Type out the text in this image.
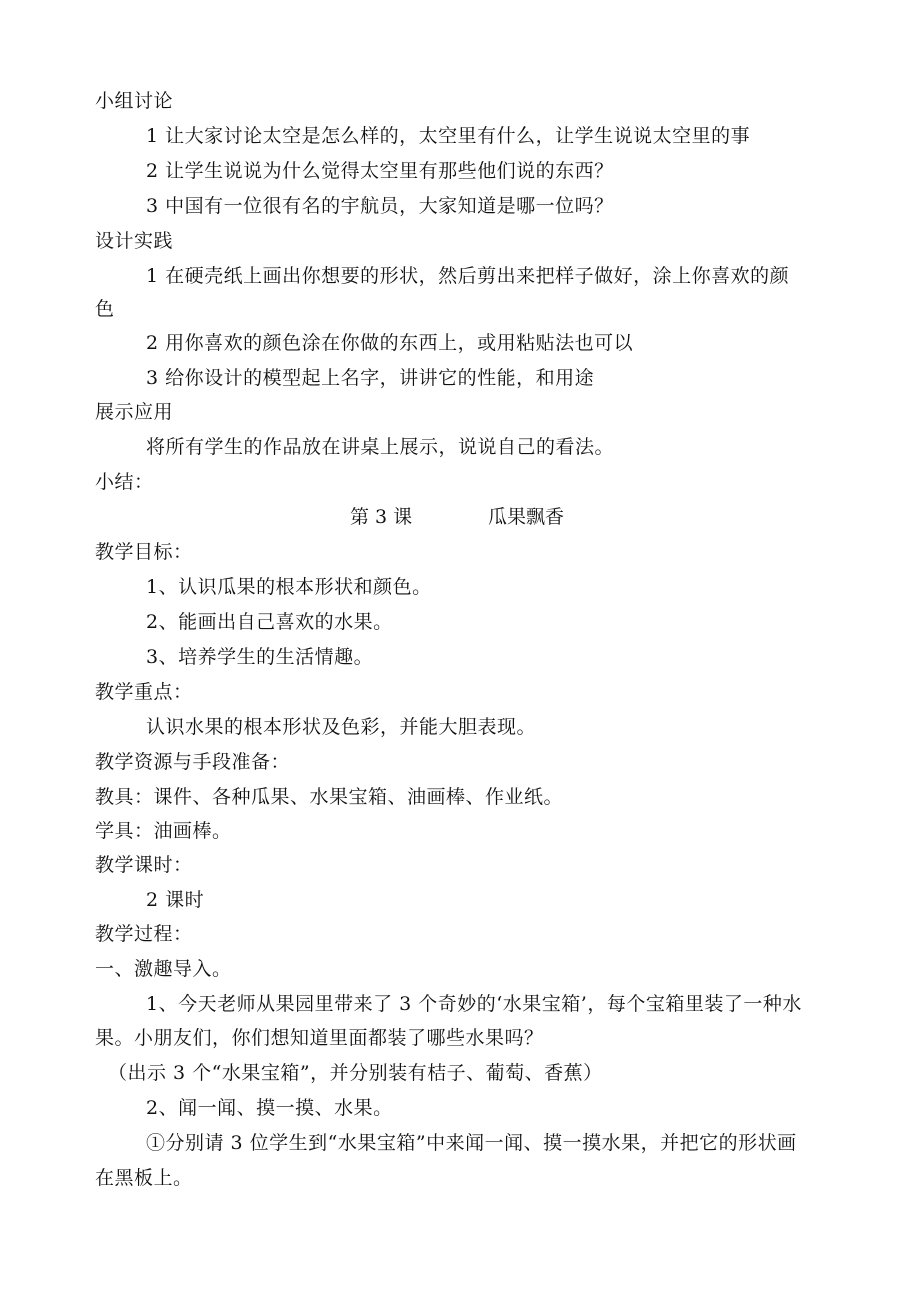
小组讨论
1 让大家讨论太空是怎么样的，太空里有什么，让学生说说太空里的事
2 让学生说说为什么觉得太空里有那些他们说的东西？
3 中国有一位很有名的宇航员，大家知道是哪一位吗？
设计实践
1 在硬壳纸上画出你想要的形状，然后剪出来把样子做好，涂上你喜欢的颜
色
2 用你喜欢的颜色涂在你做的东西上，或用粘贴法也可以
3 给你设计的模型起上名字，讲讲它的性能，和用途
展示应用
将所有学生的作品放在讲桌上展示，说说自己的看法。
小结：
第 3 课	瓜果飘香
教学目标：
1、认识瓜果的根本形状和颜色。
2、能画出自己喜欢的水果。
3、培养学生的生活情趣。
教学重点：
认识水果的根本形状及色彩，并能大胆表现。
教学资源与手段准备：
教具：课件、各种瓜果、水果宝箱、油画棒、作业纸。
学具：油画棒。
教学课时：
2 课时
教学过程：
一、激趣导入。
1、今天老师从果园里带来了 3 个奇妙的‘水果宝箱’，每个宝箱里装了一种水
果。小朋友们，你们想知道里面都装了哪些水果吗？
（出示 3 个“水果宝箱”，并分别装有桔子、葡萄、香蕉）
2、闻一闻、摸一摸、水果。
①分别请 3 位学生到“水果宝箱”中来闻一闻、摸一摸水果，并把它的形状画
在黑板上。
